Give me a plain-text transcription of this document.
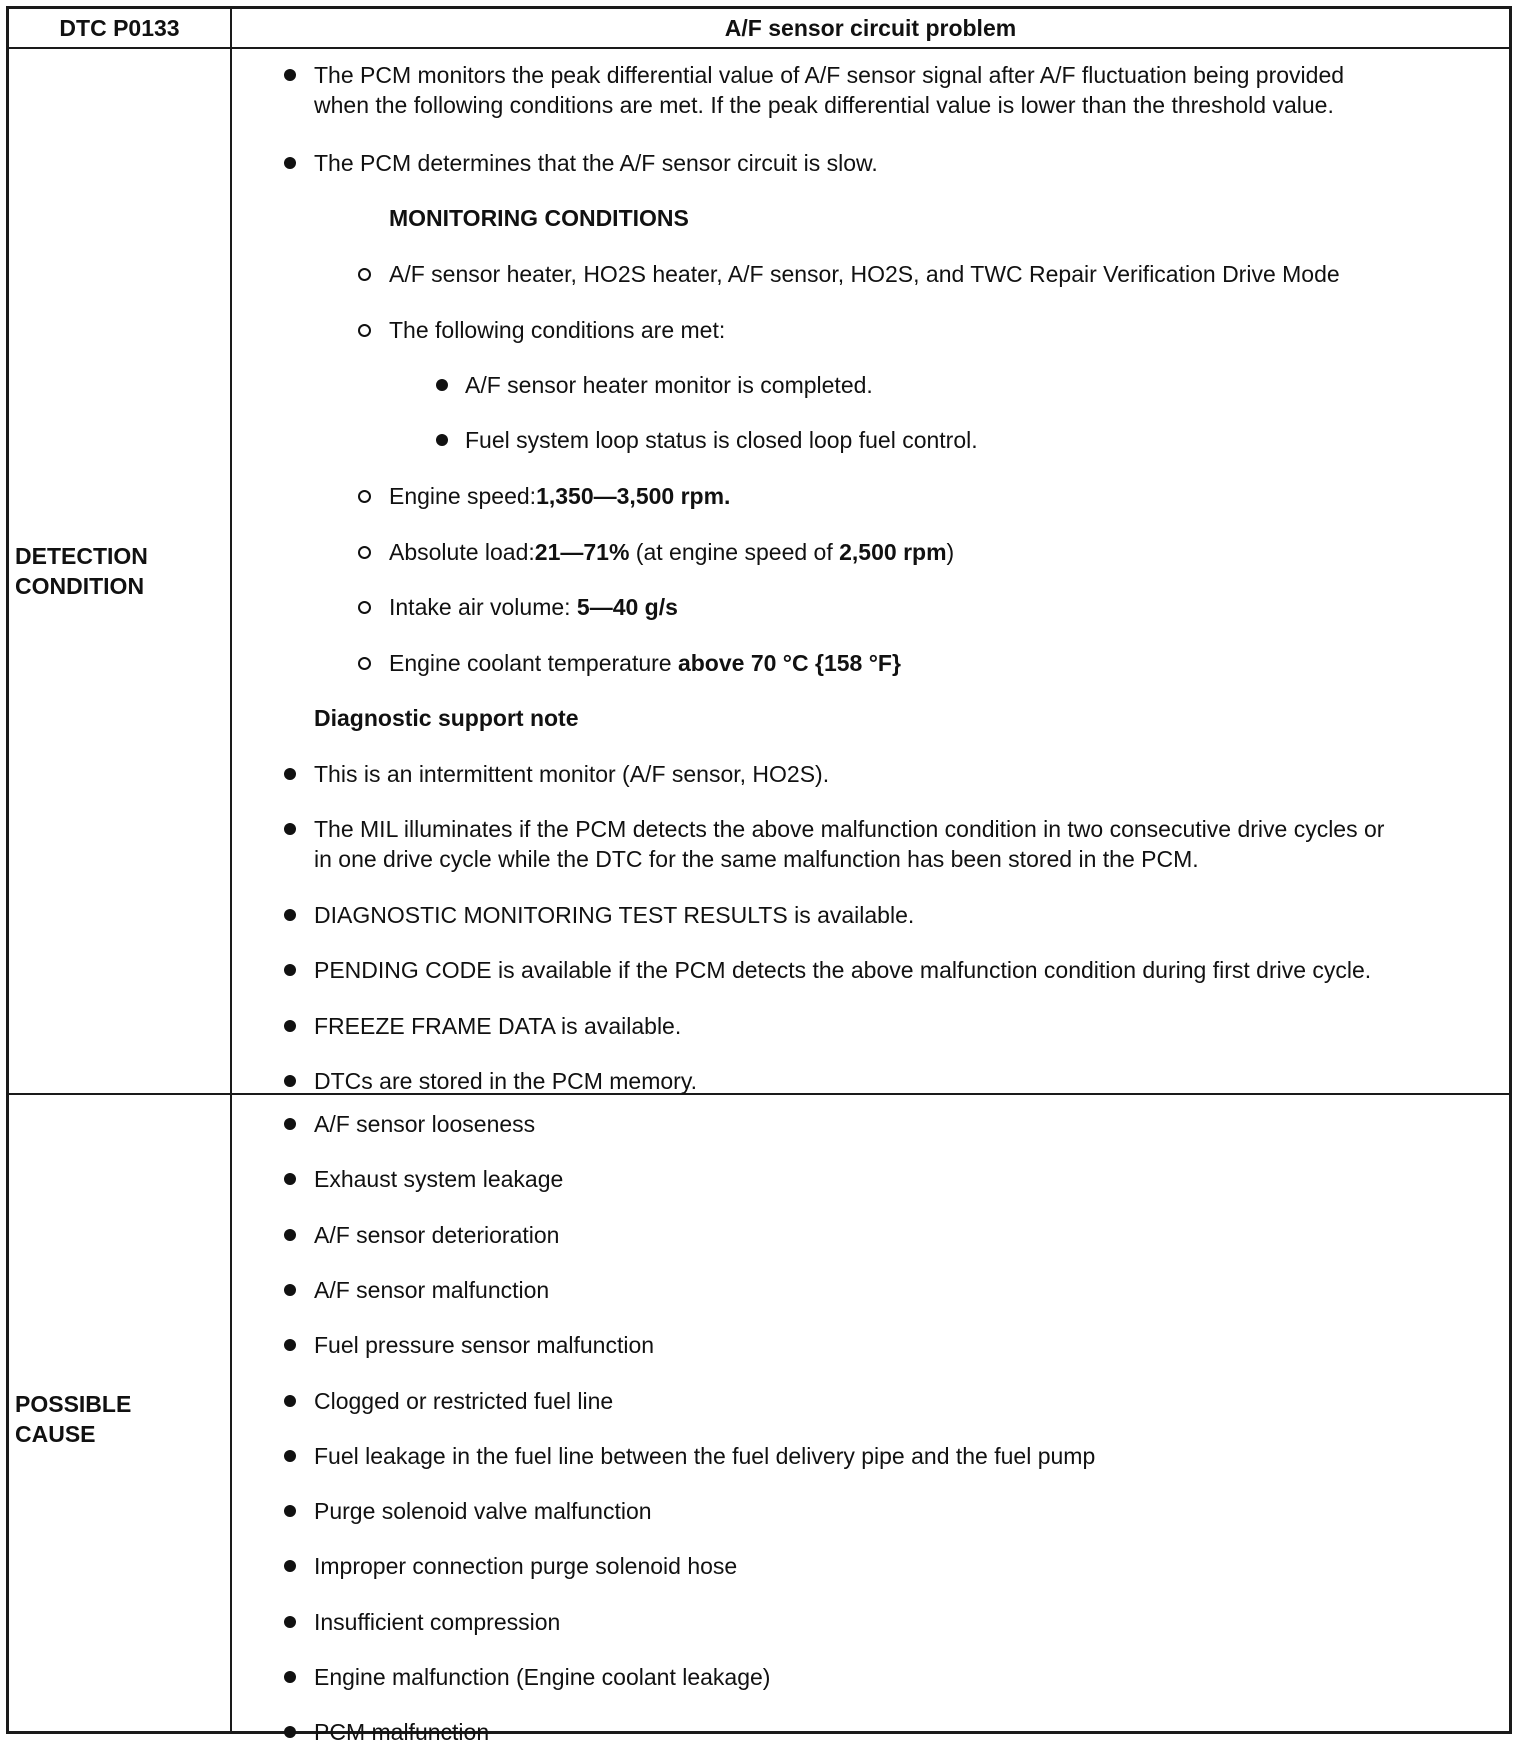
DTC P0133	A/F sensor circuit problem
DETECTION
CONDITION
POSSIBLE
CAUSE
The PCM monitors the peak differential value of A/F sensor signal after A/F fluctuation being provided
when the following conditions are met. If the peak differential value is lower than the threshold value.
The PCM determines that the A/F sensor circuit is slow.
MONITORING CONDITIONS
A/F sensor heater, HO2S heater, A/F sensor, HO2S, and TWC Repair Verification Drive Mode
The following conditions are met:
A/F sensor heater monitor is completed.
Fuel system loop status is closed loop fuel control.
Engine speed:1,350—3,500 rpm.
Absolute load:21—71% (at engine speed of 2,500 rpm)
Intake air volume: 5—40 g/s
Engine coolant temperature above 70 °C {158 °F}
Diagnostic support note
This is an intermittent monitor (A/F sensor, HO2S).
The MIL illuminates if the PCM detects the above malfunction condition in two consecutive drive cycles or
in one drive cycle while the DTC for the same malfunction has been stored in the PCM.
DIAGNOSTIC MONITORING TEST RESULTS is available.
PENDING CODE is available if the PCM detects the above malfunction condition during first drive cycle.
FREEZE FRAME DATA is available.
DTCs are stored in the PCM memory.
A/F sensor looseness
Exhaust system leakage
A/F sensor deterioration
A/F sensor malfunction
Fuel pressure sensor malfunction
Clogged or restricted fuel line
Fuel leakage in the fuel line between the fuel delivery pipe and the fuel pump
Purge solenoid valve malfunction
Improper connection purge solenoid hose
Insufficient compression
Engine malfunction (Engine coolant leakage)
PCM malfunction
